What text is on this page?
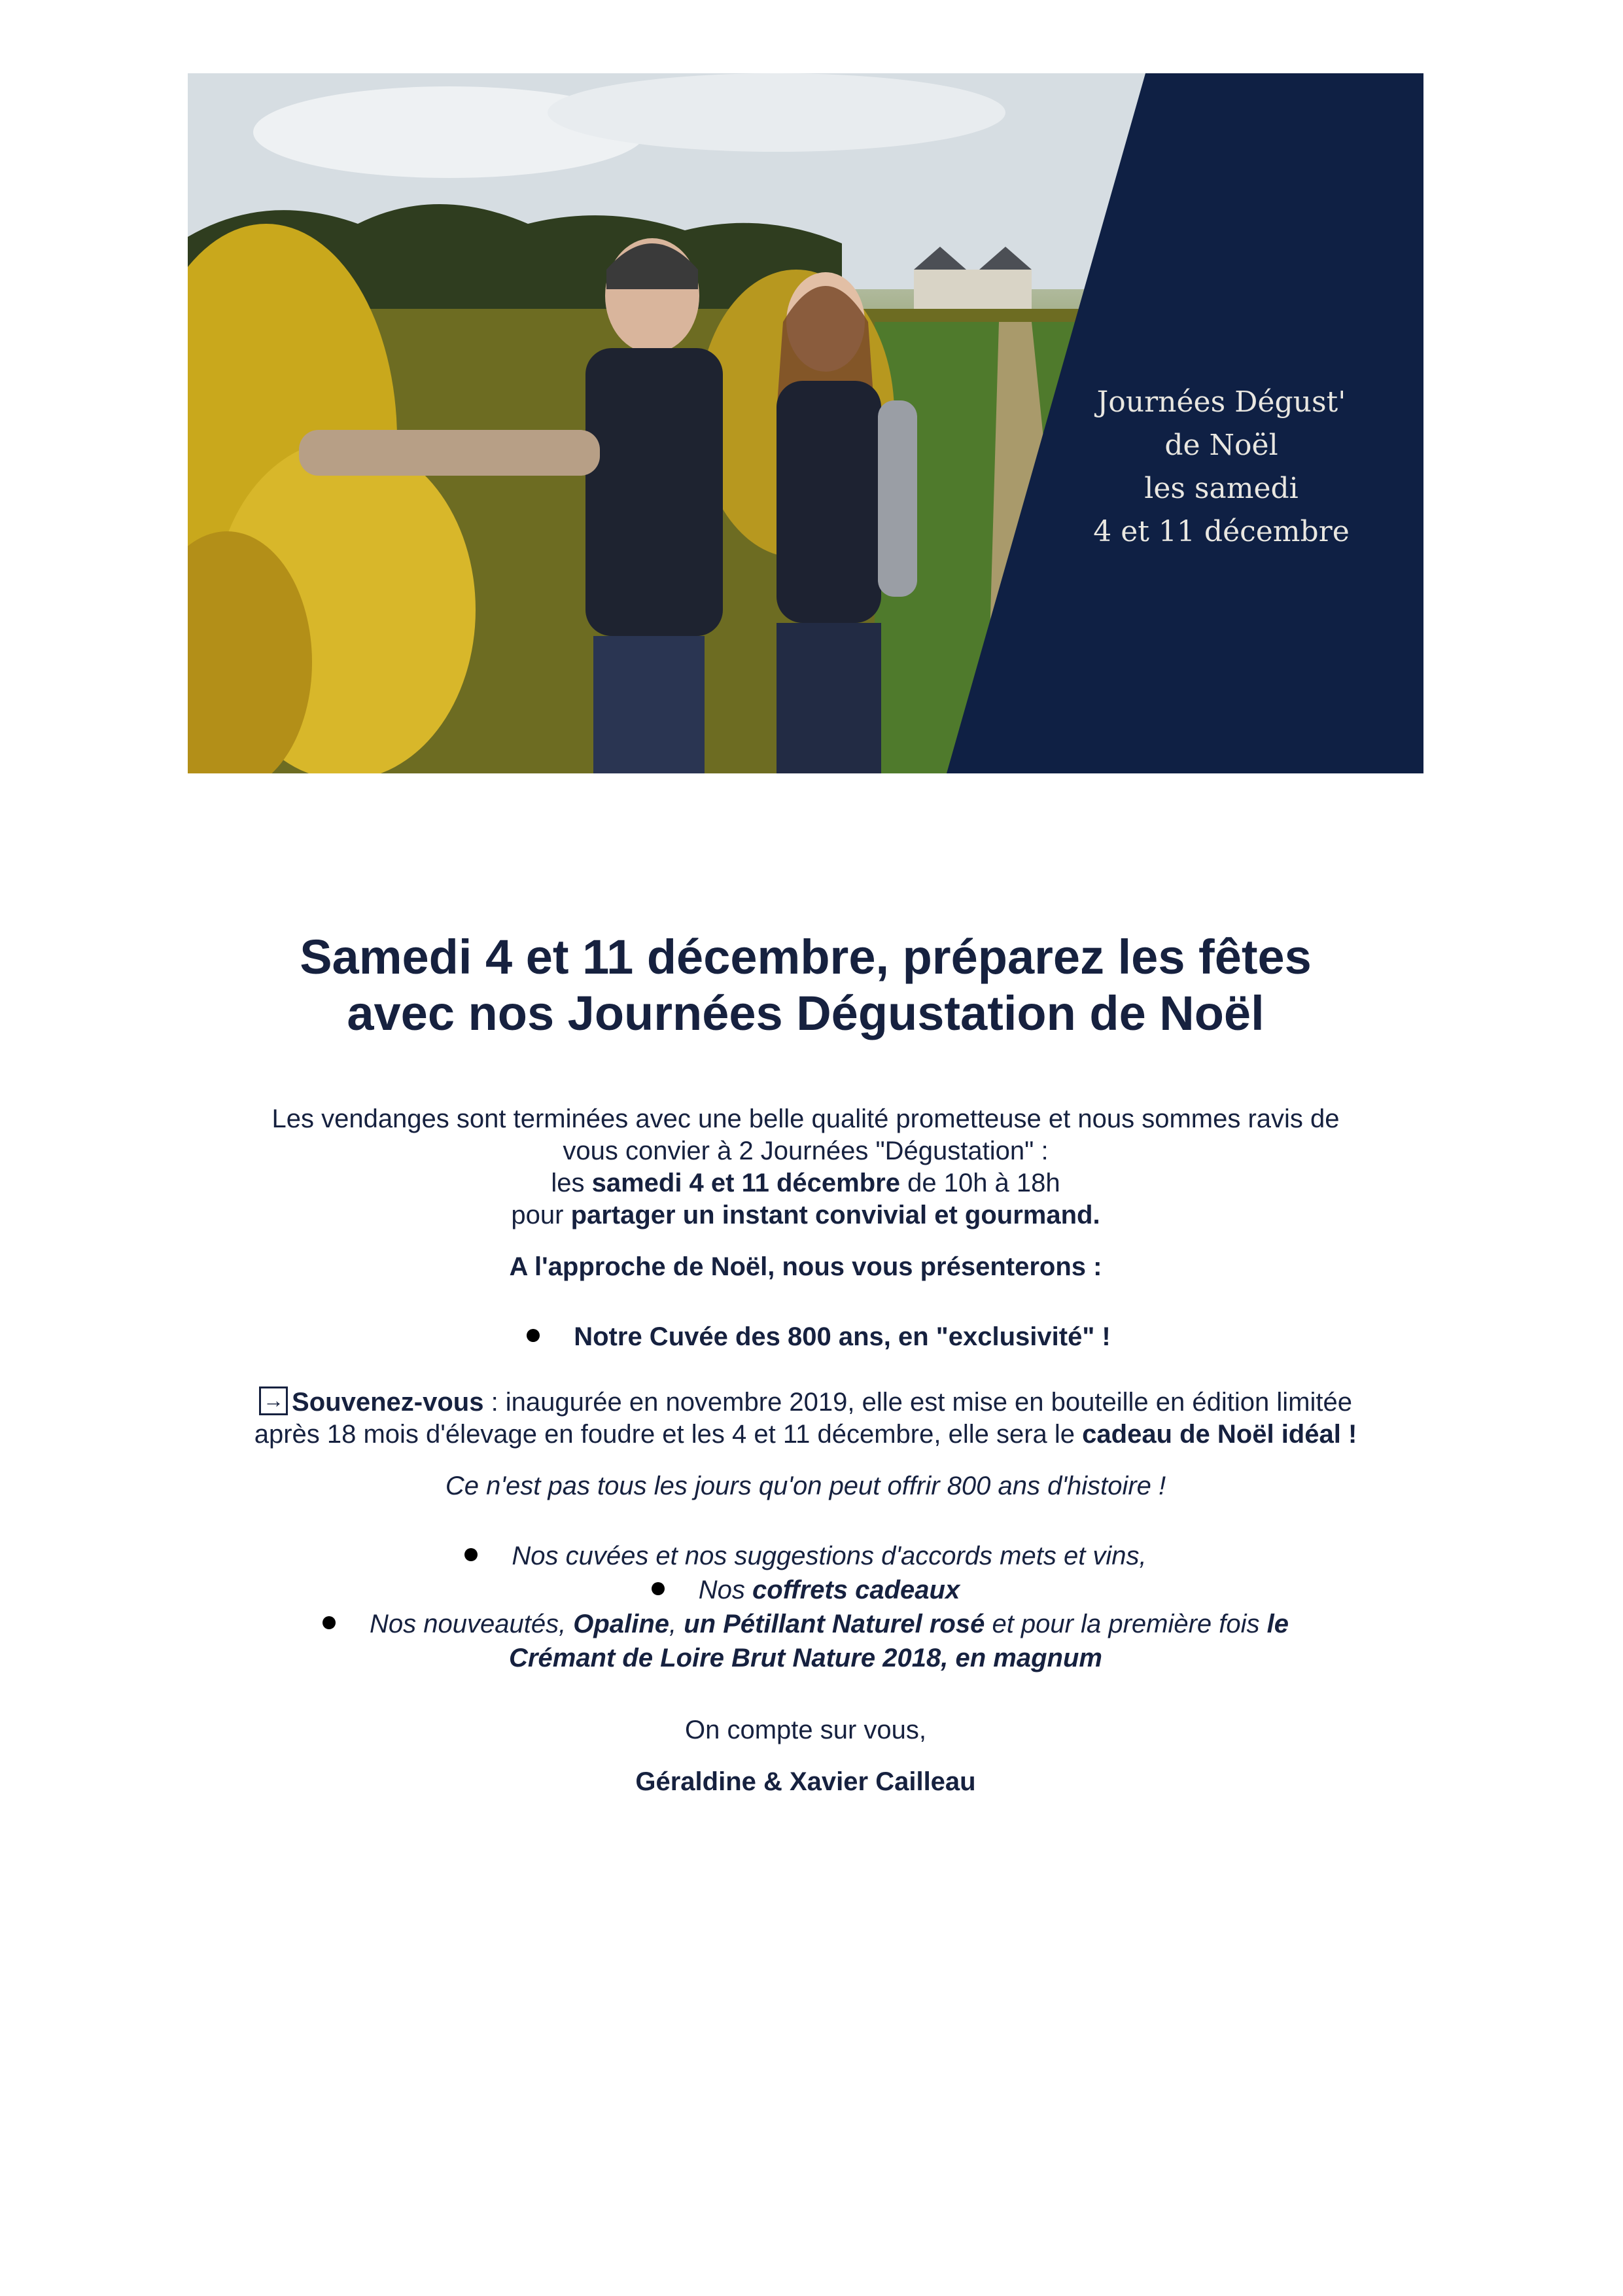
Journées Dégust'
de Noël
les samedi
4 et 11 décembre
Samedi 4 et 11 décembre, préparez les fêtes
avec nos Journées Dégustation de Noël

Les vendanges sont terminées avec une belle qualité prometteuse et nous sommes ravis de vous convier à 2 Journées "Dégustation" :

les samedi 4 et 11 décembre de 10h à 18h

pour partager un instant convivial et gourmand.

A l'approche de Noël, nous vous présenterons :

Notre Cuvée des 800 ans, en "exclusivité" !

→ Souvenez-vous : inaugurée en novembre 2019, elle est mise en bouteille en édition limitée après 18 mois d'élevage en foudre et les 4 et 11 décembre, elle sera le cadeau de Noël idéal !

Ce n'est pas tous les jours qu'on peut offrir 800 ans d'histoire !

Nos cuvées et nos suggestions d'accords mets et vins,
Nos coffrets cadeaux
Nos nouveautés, Opaline, un Pétillant Naturel rosé et pour la première fois le Crémant de Loire Brut Nature 2018, en magnum

On compte sur vous,

Géraldine & Xavier Cailleau
